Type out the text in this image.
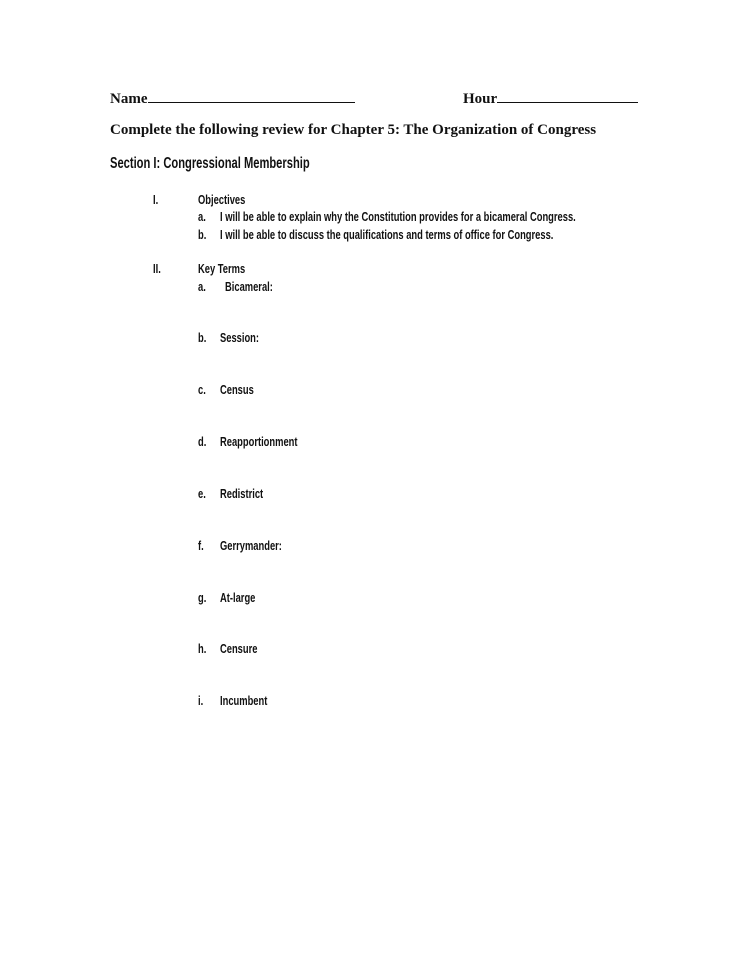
Name	Hour
Complete the following review for Chapter 5: The Organization of Congress
Section I: Congressional Membership
I.	Objectives
a. I will be able to explain why the Constitution provides for a bicameral Congress.
b. I will be able to discuss the qualifications and terms of office for Congress.
II.	Key Terms
a. Bicameral:
b. Session:
c. Census
d. Reapportionment
e. Redistrict
f. Gerrymander:
g. At-large
h. Censure
i. Incumbent
